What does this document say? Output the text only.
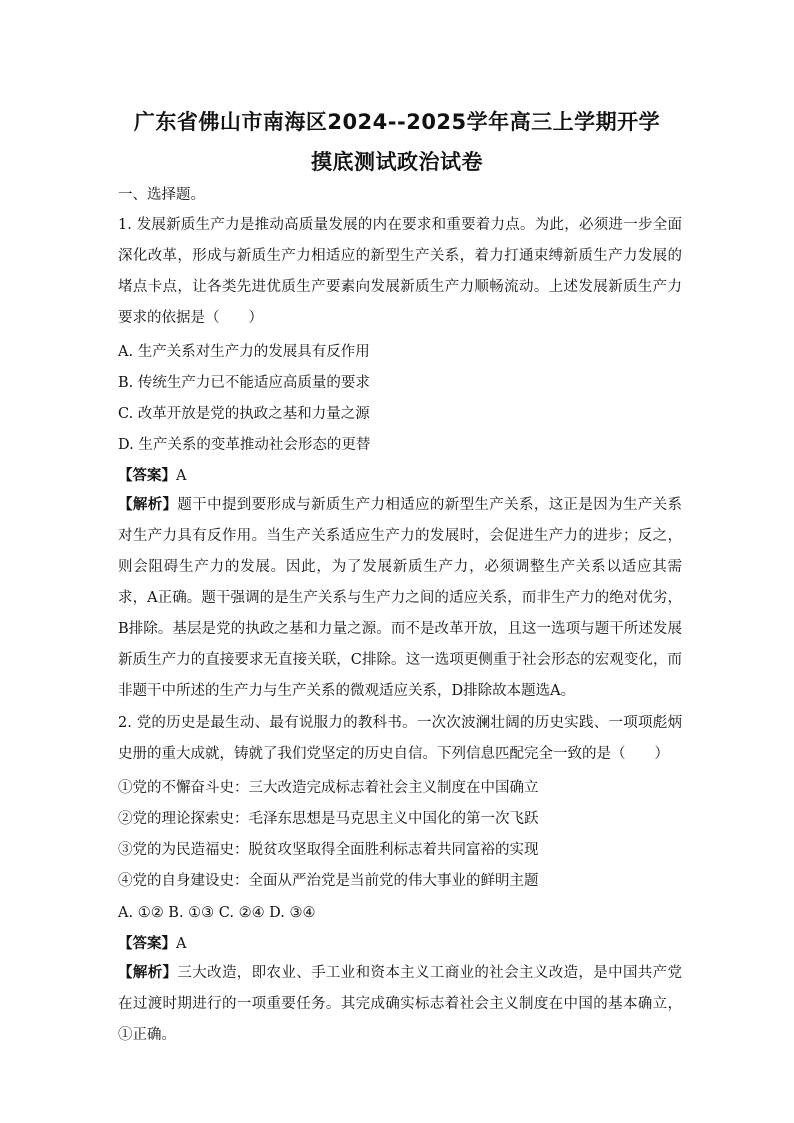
广东省佛山市南海区2024--2025学年高三上学期开学
摸底测试政治试卷
一、选择题。
1. 发展新质生产力是推动高质量发展的内在要求和重要着力点。为此，必须进一步全面深化改革，形成与新质生产力相适应的新型生产关系，着力打通束缚新质生产力发展的堵点卡点，让各类先进优质生产要素向发展新质生产力顺畅流动。上述发展新质生产力要求的依据是（　　）
A. 生产关系对生产力的发展具有反作用
B. 传统生产力已不能适应高质量的要求
C. 改革开放是党的执政之基和力量之源
D. 生产关系的变革推动社会形态的更替
【答案】A
【解析】题干中提到要形成与新质生产力相适应的新型生产关系，这正是因为生产关系对生产力具有反作用。当生产关系适应生产力的发展时，会促进生产力的进步；反之，则会阻碍生产力的发展。因此，为了发展新质生产力，必须调整生产关系以适应其需求，A正确。题干强调的是生产关系与生产力之间的适应关系，而非生产力的绝对优劣，B排除。基层是党的执政之基和力量之源。而不是改革开放，且这一选项与题干所述发展新质生产力的直接要求无直接关联，C排除。这一选项更侧重于社会形态的宏观变化，而非题干中所述的生产力与生产关系的微观适应关系，D排除故本题选A。
2. 党的历史是最生动、最有说服力的教科书。一次次波澜壮阔的历史实践、一项项彪炳史册的重大成就，铸就了我们党坚定的历史自信。下列信息匹配完全一致的是（　　）
①党的不懈奋斗史：三大改造完成标志着社会主义制度在中国确立
②党的理论探索史：毛泽东思想是马克思主义中国化的第一次飞跃
③党的为民造福史：脱贫攻坚取得全面胜利标志着共同富裕的实现
④党的自身建设史：全面从严治党是当前党的伟大事业的鲜明主题
A. ①② B. ①③ C. ②④ D. ③④
【答案】A
【解析】三大改造，即农业、手工业和资本主义工商业的社会主义改造，是中国共产党在过渡时期进行的一项重要任务。其完成确实标志着社会主义制度在中国的基本确立，①正确。
